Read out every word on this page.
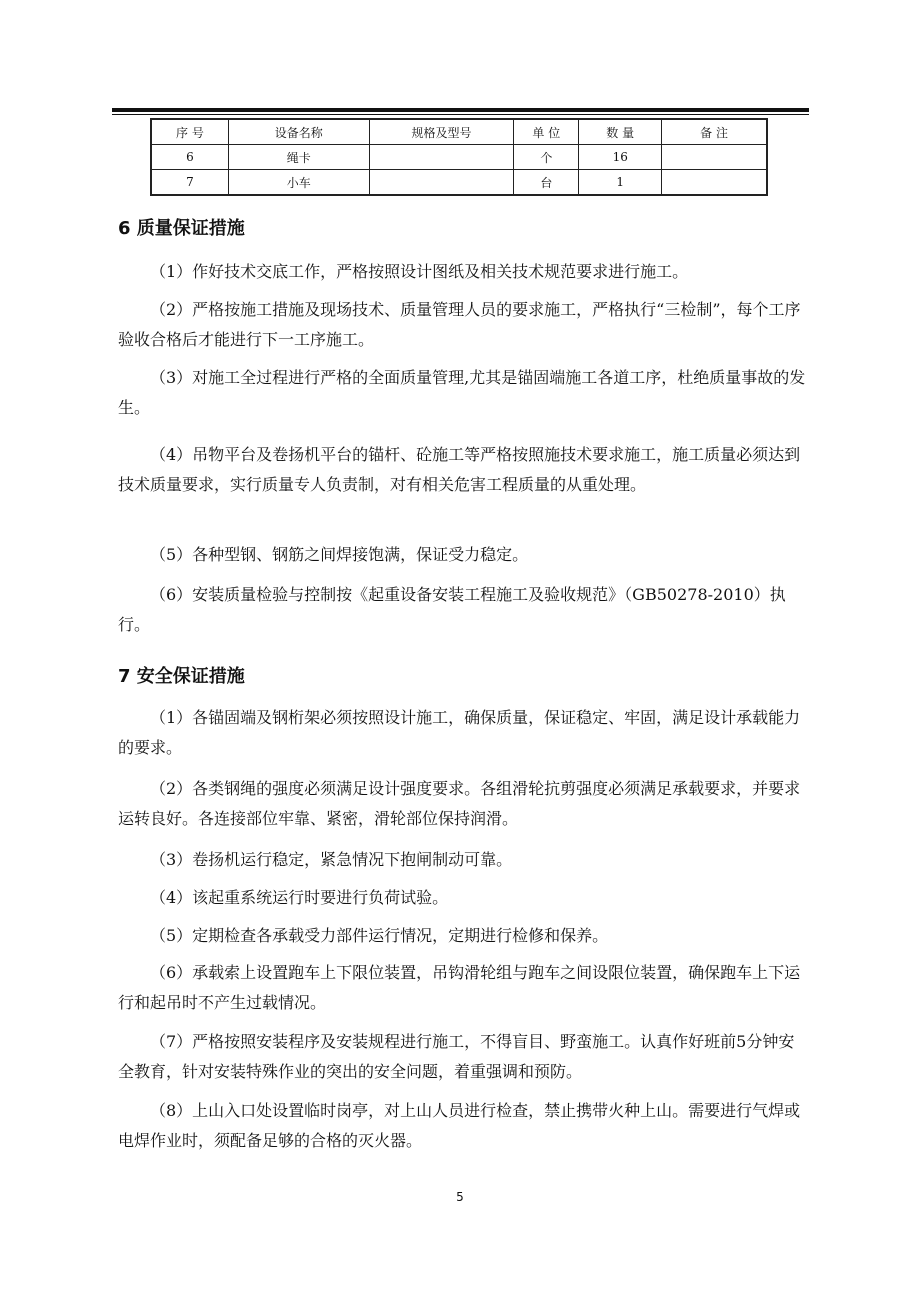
序 号	设备名称	规格及型号	单 位	数 量	备 注
6	绳卡		个	16	
7	小车		台	1	
6 质量保证措施

（1）作好技术交底工作，严格按照设计图纸及相关技术规范要求进行施工。

（2）严格按施工措施及现场技术、质量管理人员的要求施工，严格执行“三检制”，每个工序验收合格后才能进行下一工序施工。

（3）对施工全过程进行严格的全面质量管理,尤其是锚固端施工各道工序，杜绝质量事故的发生。

（4）吊物平台及卷扬机平台的锚杆、砼施工等严格按照施技术要求施工，施工质量必须达到技术质量要求，实行质量专人负责制，对有相关危害工程质量的从重处理。

（5）各种型钢、钢筋之间焊接饱满，保证受力稳定。

（6）安装质量检验与控制按《起重设备安装工程施工及验收规范》（GB50278-2010）执行。

7 安全保证措施

（1）各锚固端及钢桁架必须按照设计施工，确保质量，保证稳定、牢固，满足设计承载能力的要求。

（2）各类钢绳的强度必须满足设计强度要求。各组滑轮抗剪强度必须满足承载要求，并要求运转良好。各连接部位牢靠、紧密，滑轮部位保持润滑。

（3）卷扬机运行稳定，紧急情况下抱闸制动可靠。

（4）该起重系统运行时要进行负荷试验。

（5）定期检查各承载受力部件运行情况，定期进行检修和保养。

（6）承载索上设置跑车上下限位装置，吊钩滑轮组与跑车之间设限位装置，确保跑车上下运行和起吊时不产生过载情况。

（7）严格按照安装程序及安装规程进行施工，不得盲目、野蛮施工。认真作好班前5分钟安全教育，针对安装特殊作业的突出的安全问题，着重强调和预防。

（8）上山入口处设置临时岗亭，对上山人员进行检查，禁止携带火种上山。需要进行气焊或电焊作业时，须配备足够的合格的灭火器。

5
